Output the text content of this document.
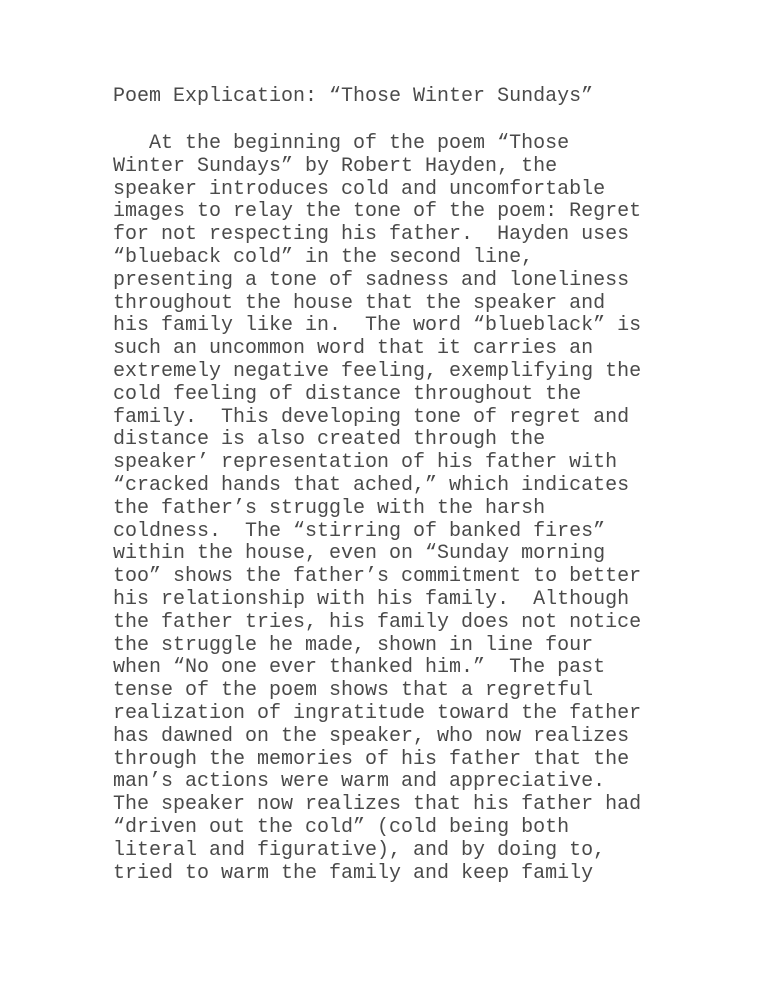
Poem Explication: “Those Winter Sundays”
At the beginning of the poem “Those
Winter Sundays” by Robert Hayden, the
speaker introduces cold and uncomfortable
images to relay the tone of the poem: Regret
for not respecting his father.  Hayden uses
“blueback cold” in the second line,
presenting a tone of sadness and loneliness
throughout the house that the speaker and
his family like in.  The word “blueblack” is
such an uncommon word that it carries an
extremely negative feeling, exemplifying the
cold feeling of distance throughout the
family.  This developing tone of regret and
distance is also created through the
speaker’ representation of his father with
“cracked hands that ached,” which indicates
the father’s struggle with the harsh
coldness.  The “stirring of banked fires”
within the house, even on “Sunday morning
too” shows the father’s commitment to better
his relationship with his family.  Although
the father tries, his family does not notice
the struggle he made, shown in line four
when “No one ever thanked him.”  The past
tense of the poem shows that a regretful
realization of ingratitude toward the father
has dawned on the speaker, who now realizes
through the memories of his father that the
man’s actions were warm and appreciative.
The speaker now realizes that his father had
“driven out the cold” (cold being both
literal and figurative), and by doing to,
tried to warm the family and keep family
